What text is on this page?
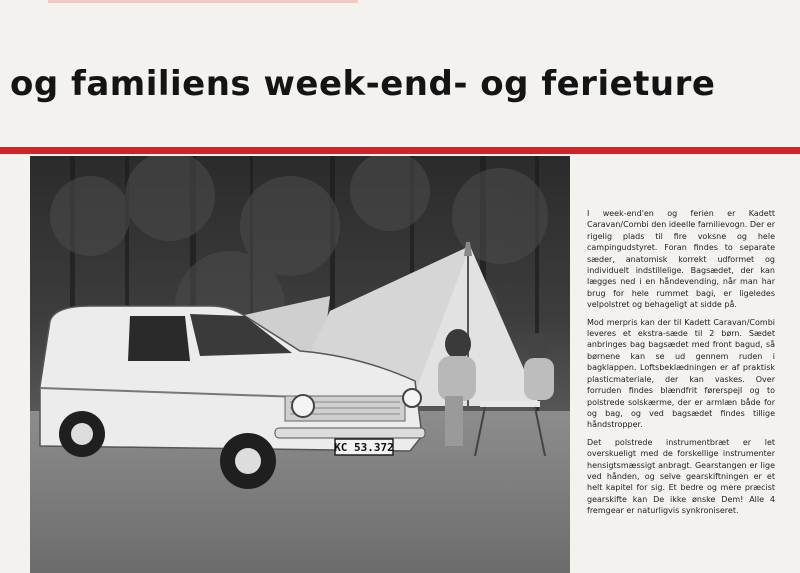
og familiens week-end- og ferieture
KC 53.372

I week-end'en og ferien er Kadett Caravan/Combi den ideelle familievogn. Der er rigelig plads til fire voksne og hele campingudstyret. Foran findes to separate sæder, anatomisk korrekt udformet og individuelt indstillelige. Bagsædet, der kan lægges ned i en håndevending, når man har brug for hele rummet bagi, er ligeledes velpolstret og behageligt at sidde på.

Mod merpris kan der til Kadett Caravan/Combi leveres et ekstra-sæde til 2 børn. Sædet anbringes bag bagsædet med front bagud, så børnene kan se ud gennem ruden i bagklappen. Loftsbeklædningen er af praktisk plasticmateriale, der kan vaskes. Over forruden findes blændfrit førerspejl og to polstrede solskærme, der er armlæn både for og bag, og ved bagsædet findes tillige håndstropper.

Det polstrede instrumentbræt er let overskueligt med de forskellige instrumenter hensigtsmæssigt anbragt. Gearstangen er lige ved hånden, og selve gearskiftningen er et helt kapitel for sig. Et bedre og mere præcist gearskifte kan De ikke ønske Dem! Alle 4 fremgear er naturligvis synkroniseret.
